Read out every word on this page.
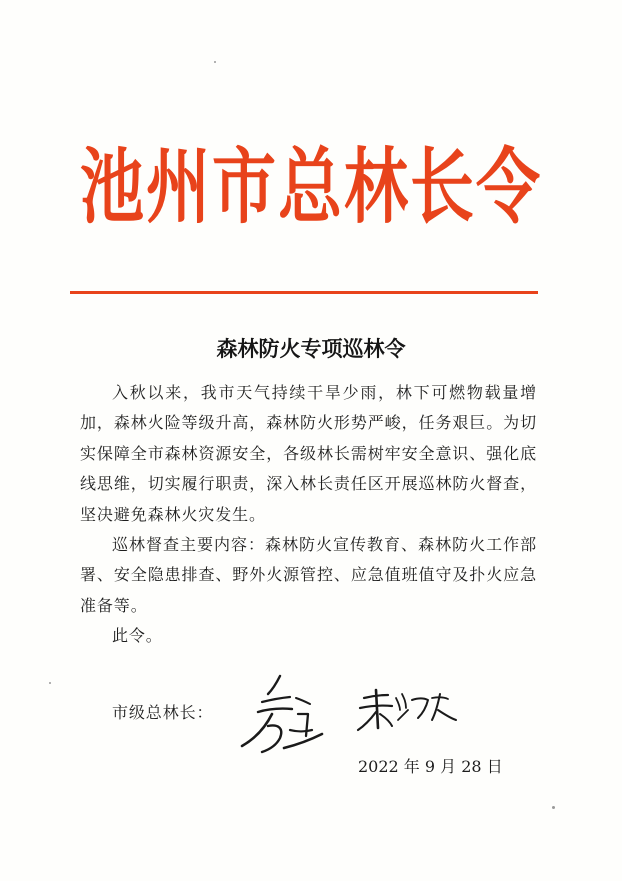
池州市总林长令
森林防火专项巡林令

入秋以来，我市天气持续干旱少雨，林下可燃物载量增加，森林火险等级升高，森林防火形势严峻，任务艰巨。为切实保障全市森林资源安全，各级林长需树牢安全意识、强化底线思维，切实履行职责，深入林长责任区开展巡林防火督查，坚决避免森林火灾发生。

巡林督查主要内容：森林防火宣传教育、森林防火工作部署、安全隐患排查、野外火源管控、应急值班值守及扑火应急准备等。

此令。

市级总林长：
2022 年 9 月 28 日
